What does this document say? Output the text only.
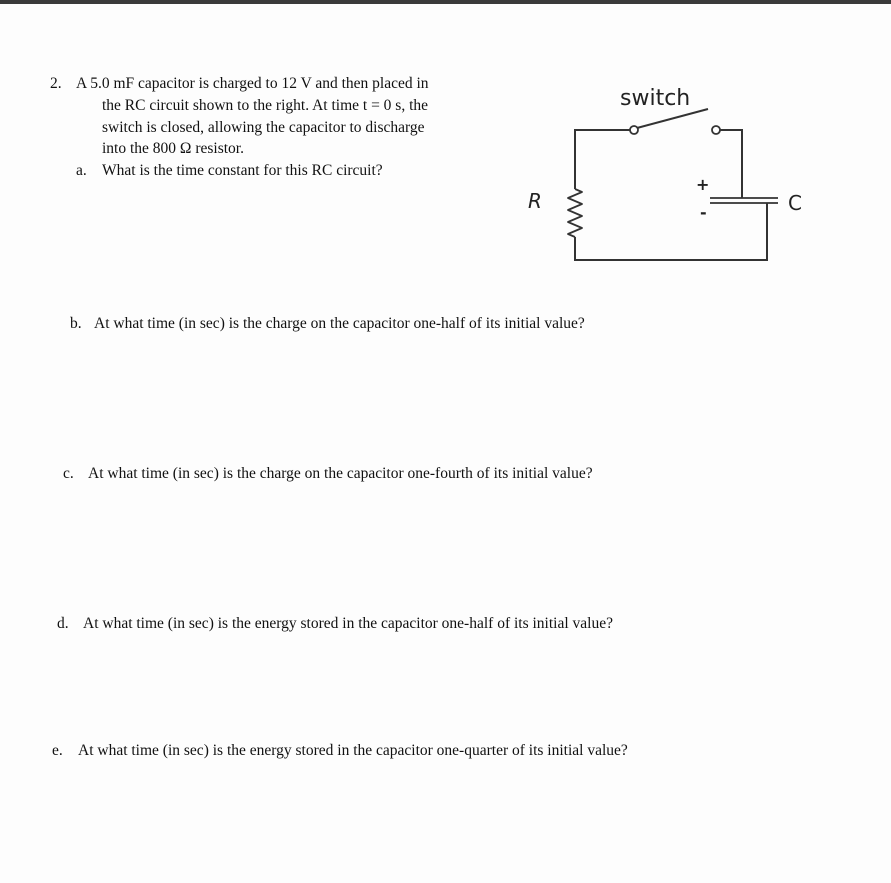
2. A 5.0 mF capacitor is charged to 12 V and then placed in

the RC circuit shown to the right. At time t = 0 s, the

switch is closed, allowing the capacitor to discharge

into the 800 Ω resistor.

a. What is the time constant for this RC circuit?

b. At what time (in sec) is the charge on the capacitor one-half of its initial value?

c. At what time (in sec) is the charge on the capacitor one-fourth of its initial value?

d. At what time (in sec) is the energy stored in the capacitor one-half of its initial value?

e. At what time (in sec) is the energy stored in the capacitor one-quarter of its initial value?

switch
R
+
-	C
